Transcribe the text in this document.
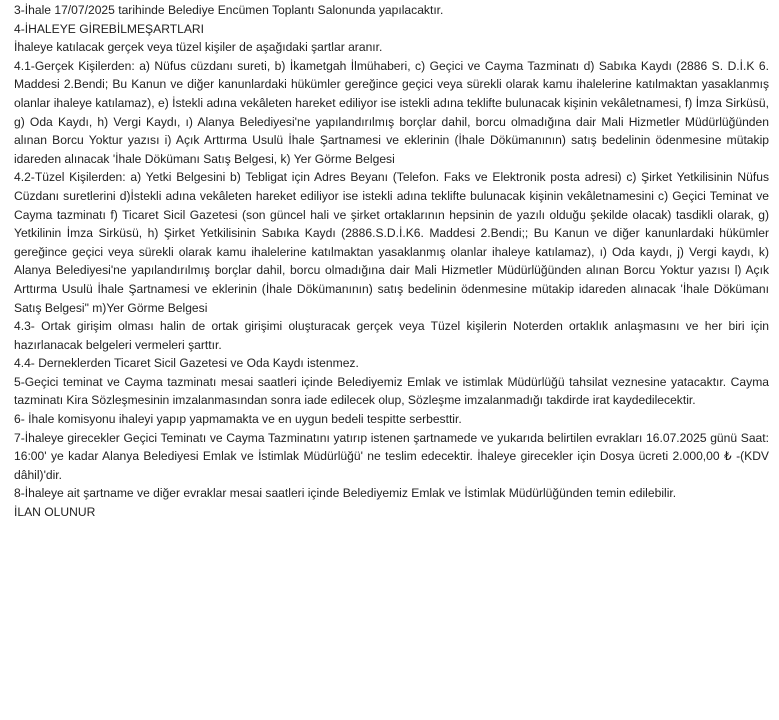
3-İhale 17/07/2025 tarihinde Belediye Encümen Toplantı Salonunda yapılacaktır.

4-İHALEYE GİREBİLMEŞARTLARI

İhaleye katılacak gerçek veya tüzel kişiler de aşağıdaki şartlar aranır.

4.1-Gerçek Kişilerden: a) Nüfus cüzdanı sureti, b) İkametgah İlmühaberi, c) Geçici ve Cayma Tazminatı d) Sabıka Kaydı (2886 S. D.İ.K 6. Maddesi 2.Bendi; Bu Kanun ve diğer kanunlardaki hükümler gereğince geçici veya sürekli olarak kamu ihalelerine katılmaktan yasaklanmış olanlar ihaleye katılamaz), e) İstekli adına vekâleten hareket ediliyor ise istekli adına teklifte bulunacak kişinin vekâletnamesi, f) İmza Sirküsü, g) Oda Kaydı, h) Vergi Kaydı, ı) Alanya Belediyesi'ne yapılandırılmış borçlar dahil, borcu olmadığına dair Mali Hizmetler Müdürlüğünden alınan Borcu Yoktur yazısı i) Açık Arttırma Usulü İhale Şartnamesi ve eklerinin (İhale Dökümanının) satış bedelinin ödenmesine mütakip idareden alınacak 'İhale Dökümanı Satış Belgesi, k) Yer Görme Belgesi

4.2-Tüzel Kişilerden: a) Yetki Belgesini b) Tebligat için Adres Beyanı (Telefon. Faks ve Elektronik posta adresi) c) Şirket Yetkilisinin Nüfus Cüzdanı suretlerini d)İstekli adına vekâleten hareket ediliyor ise istekli adına teklifte bulunacak kişinin vekâletnamesini c) Geçici Teminat ve Cayma tazminatı f) Ticaret Sicil Gazetesi (son güncel hali ve şirket ortaklarının hepsinin de yazılı olduğu şekilde olacak) tasdikli olarak, g) Yetkilinin İmza Sirküsü, h) Şirket Yetkilisinin Sabıka Kaydı (2886.S.D.İ.K6. Maddesi 2.Bendi;; Bu Kanun ve diğer kanunlardaki hükümler gereğince geçici veya sürekli olarak kamu ihalelerine katılmaktan yasaklanmış olanlar ihaleye katılamaz), ı) Oda kaydı, j) Vergi kaydı, k) Alanya Belediyesi'ne yapılandırılmış borçlar dahil, borcu olmadığına dair Mali Hizmetler Müdürlüğünden alınan Borcu Yoktur yazısı l) Açık Arttırma Usulü İhale Şartnamesi ve eklerinin (İhale Dökümanının) satış bedelinin ödenmesine mütakip idareden alınacak 'İhale Dökümanı Satış Belgesi" m)Yer Görme Belgesi

4.3- Ortak girişim olması halin de ortak girişimi oluşturacak gerçek veya Tüzel kişilerin Noterden ortaklık anlaşmasını ve her biri için hazırlanacak belgeleri vermeleri şarttır.

4.4- Derneklerden Ticaret Sicil Gazetesi ve Oda Kaydı istenmez.

5-Geçici teminat ve Cayma tazminatı mesai saatleri içinde Belediyemiz Emlak ve istimlak Müdürlüğü tahsilat veznesine yatacaktır. Cayma tazminatı Kira Sözleşmesinin imzalanmasından sonra iade edilecek olup, Sözleşme imzalanmadığı takdirde irat kaydedilecektir.

6- İhale komisyonu ihaleyi yapıp yapmamakta ve en uygun bedeli tespitte serbesttir.

7-İhaleye girecekler Geçici Teminatı ve Cayma Tazminatını yatırıp istenen şartnamede ve yukarıda belirtilen evrakları 16.07.2025 günü Saat: 16:00' ye kadar Alanya Belediyesi Emlak ve İstimlak Müdürlüğü' ne teslim edecektir. İhaleye girecekler için Dosya ücreti 2.000,00 ₺ -(KDV dâhil)'dir.

8-İhaleye ait şartname ve diğer evraklar mesai saatleri içinde Belediyemiz Emlak ve İstimlak Müdürlüğünden temin edilebilir.

İLAN OLUNUR
